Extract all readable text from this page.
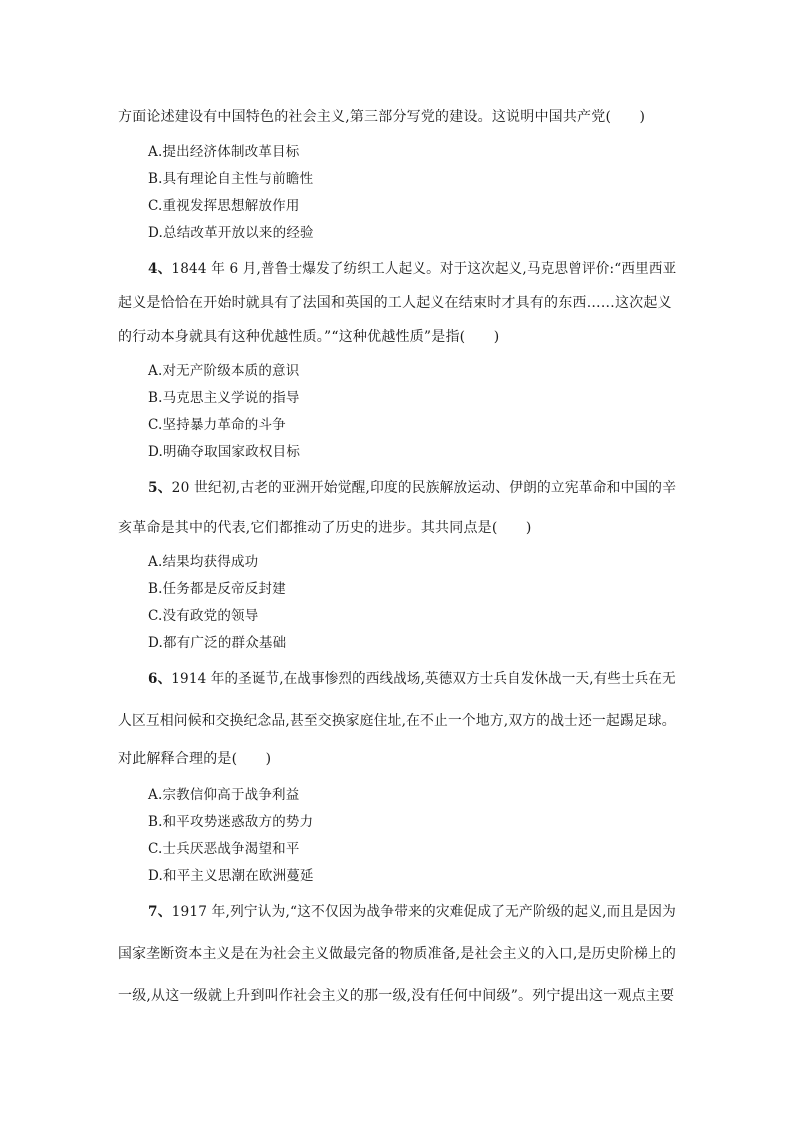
方面论述建设有中国特色的社会主义,第三部分写党的建设。这说明中国共产党(　　)
A.提出经济体制改革目标
B.具有理论自主性与前瞻性
C.重视发挥思想解放作用
D.总结改革开放以来的经验
4、1844 年 6 月,普鲁士爆发了纺织工人起义。对于这次起义,马克思曾评价:“西里西亚
起义是恰恰在开始时就具有了法国和英国的工人起义在结束时才具有的东西……这次起义
的行动本身就具有这种优越性质。”“这种优越性质”是指(　　)
A.对无产阶级本质的意识
B.马克思主义学说的指导
C.坚持暴力革命的斗争
D.明确夺取国家政权目标
5、20 世纪初,古老的亚洲开始觉醒,印度的民族解放运动、伊朗的立宪革命和中国的辛
亥革命是其中的代表,它们都推动了历史的进步。其共同点是(　　)
A.结果均获得成功
B.任务都是反帝反封建
C.没有政党的领导
D.都有广泛的群众基础
6、1914 年的圣诞节,在战事惨烈的西线战场,英德双方士兵自发休战一天,有些士兵在无
人区互相问候和交换纪念品,甚至交换家庭住址,在不止一个地方,双方的战士还一起踢足球。
对此解释合理的是(　　)
A.宗教信仰高于战争利益
B.和平攻势迷惑敌方的势力
C.士兵厌恶战争渴望和平
D.和平主义思潮在欧洲蔓延
7、1917 年,列宁认为,“这不仅因为战争带来的灾难促成了无产阶级的起义,而且是因为
国家垄断资本主义是在为社会主义做最完备的物质准备,是社会主义的入口,是历史阶梯上的
一级,从这一级就上升到叫作社会主义的那一级,没有任何中间级”。列宁提出这一观点主要
